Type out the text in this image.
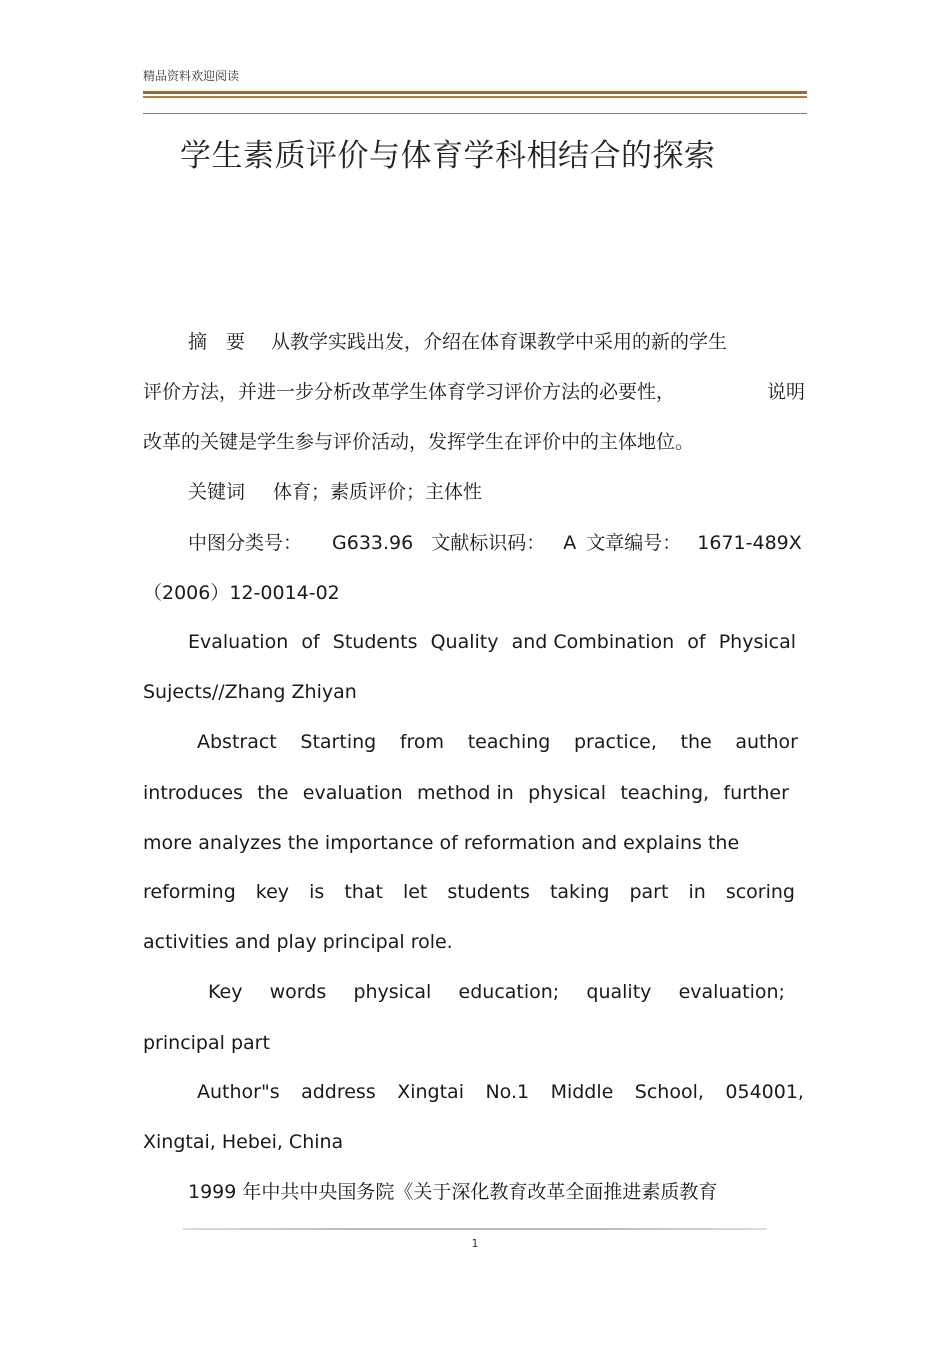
精品资料欢迎阅读
学生素质评价与体育学科相结合的探索
摘　要 从教学实践出发，介绍在体育课教学中采用的新的学生
评价方法，并进一步分析改革学生体育学习评价方法的必要性，	说明
改革的关键是学生参与评价活动，发挥学生在评价中的主体地位。
关键词 体育；素质评价；主体性
中图分类号： G633.96 文献标识码： A 文章编号： 1671-489X
（2006）12-0014-02
Evaluation of Students Quality and Combination of Physical
Sujects//Zhang Zhiyan
Abstract Starting from teaching practice, the author
introduces the evaluation method in physical teaching, further
more analyzes the importance of reformation and explains the
reforming key is that let students taking part in scoring
activities and play principal role.
Key words physical education; quality evaluation;
principal part
Author"s address Xingtai No.1 Middle School, 054001,
Xingtai, Hebei, China
1999 年中共中央国务院《关于深化教育改革全面推进素质教育
1
